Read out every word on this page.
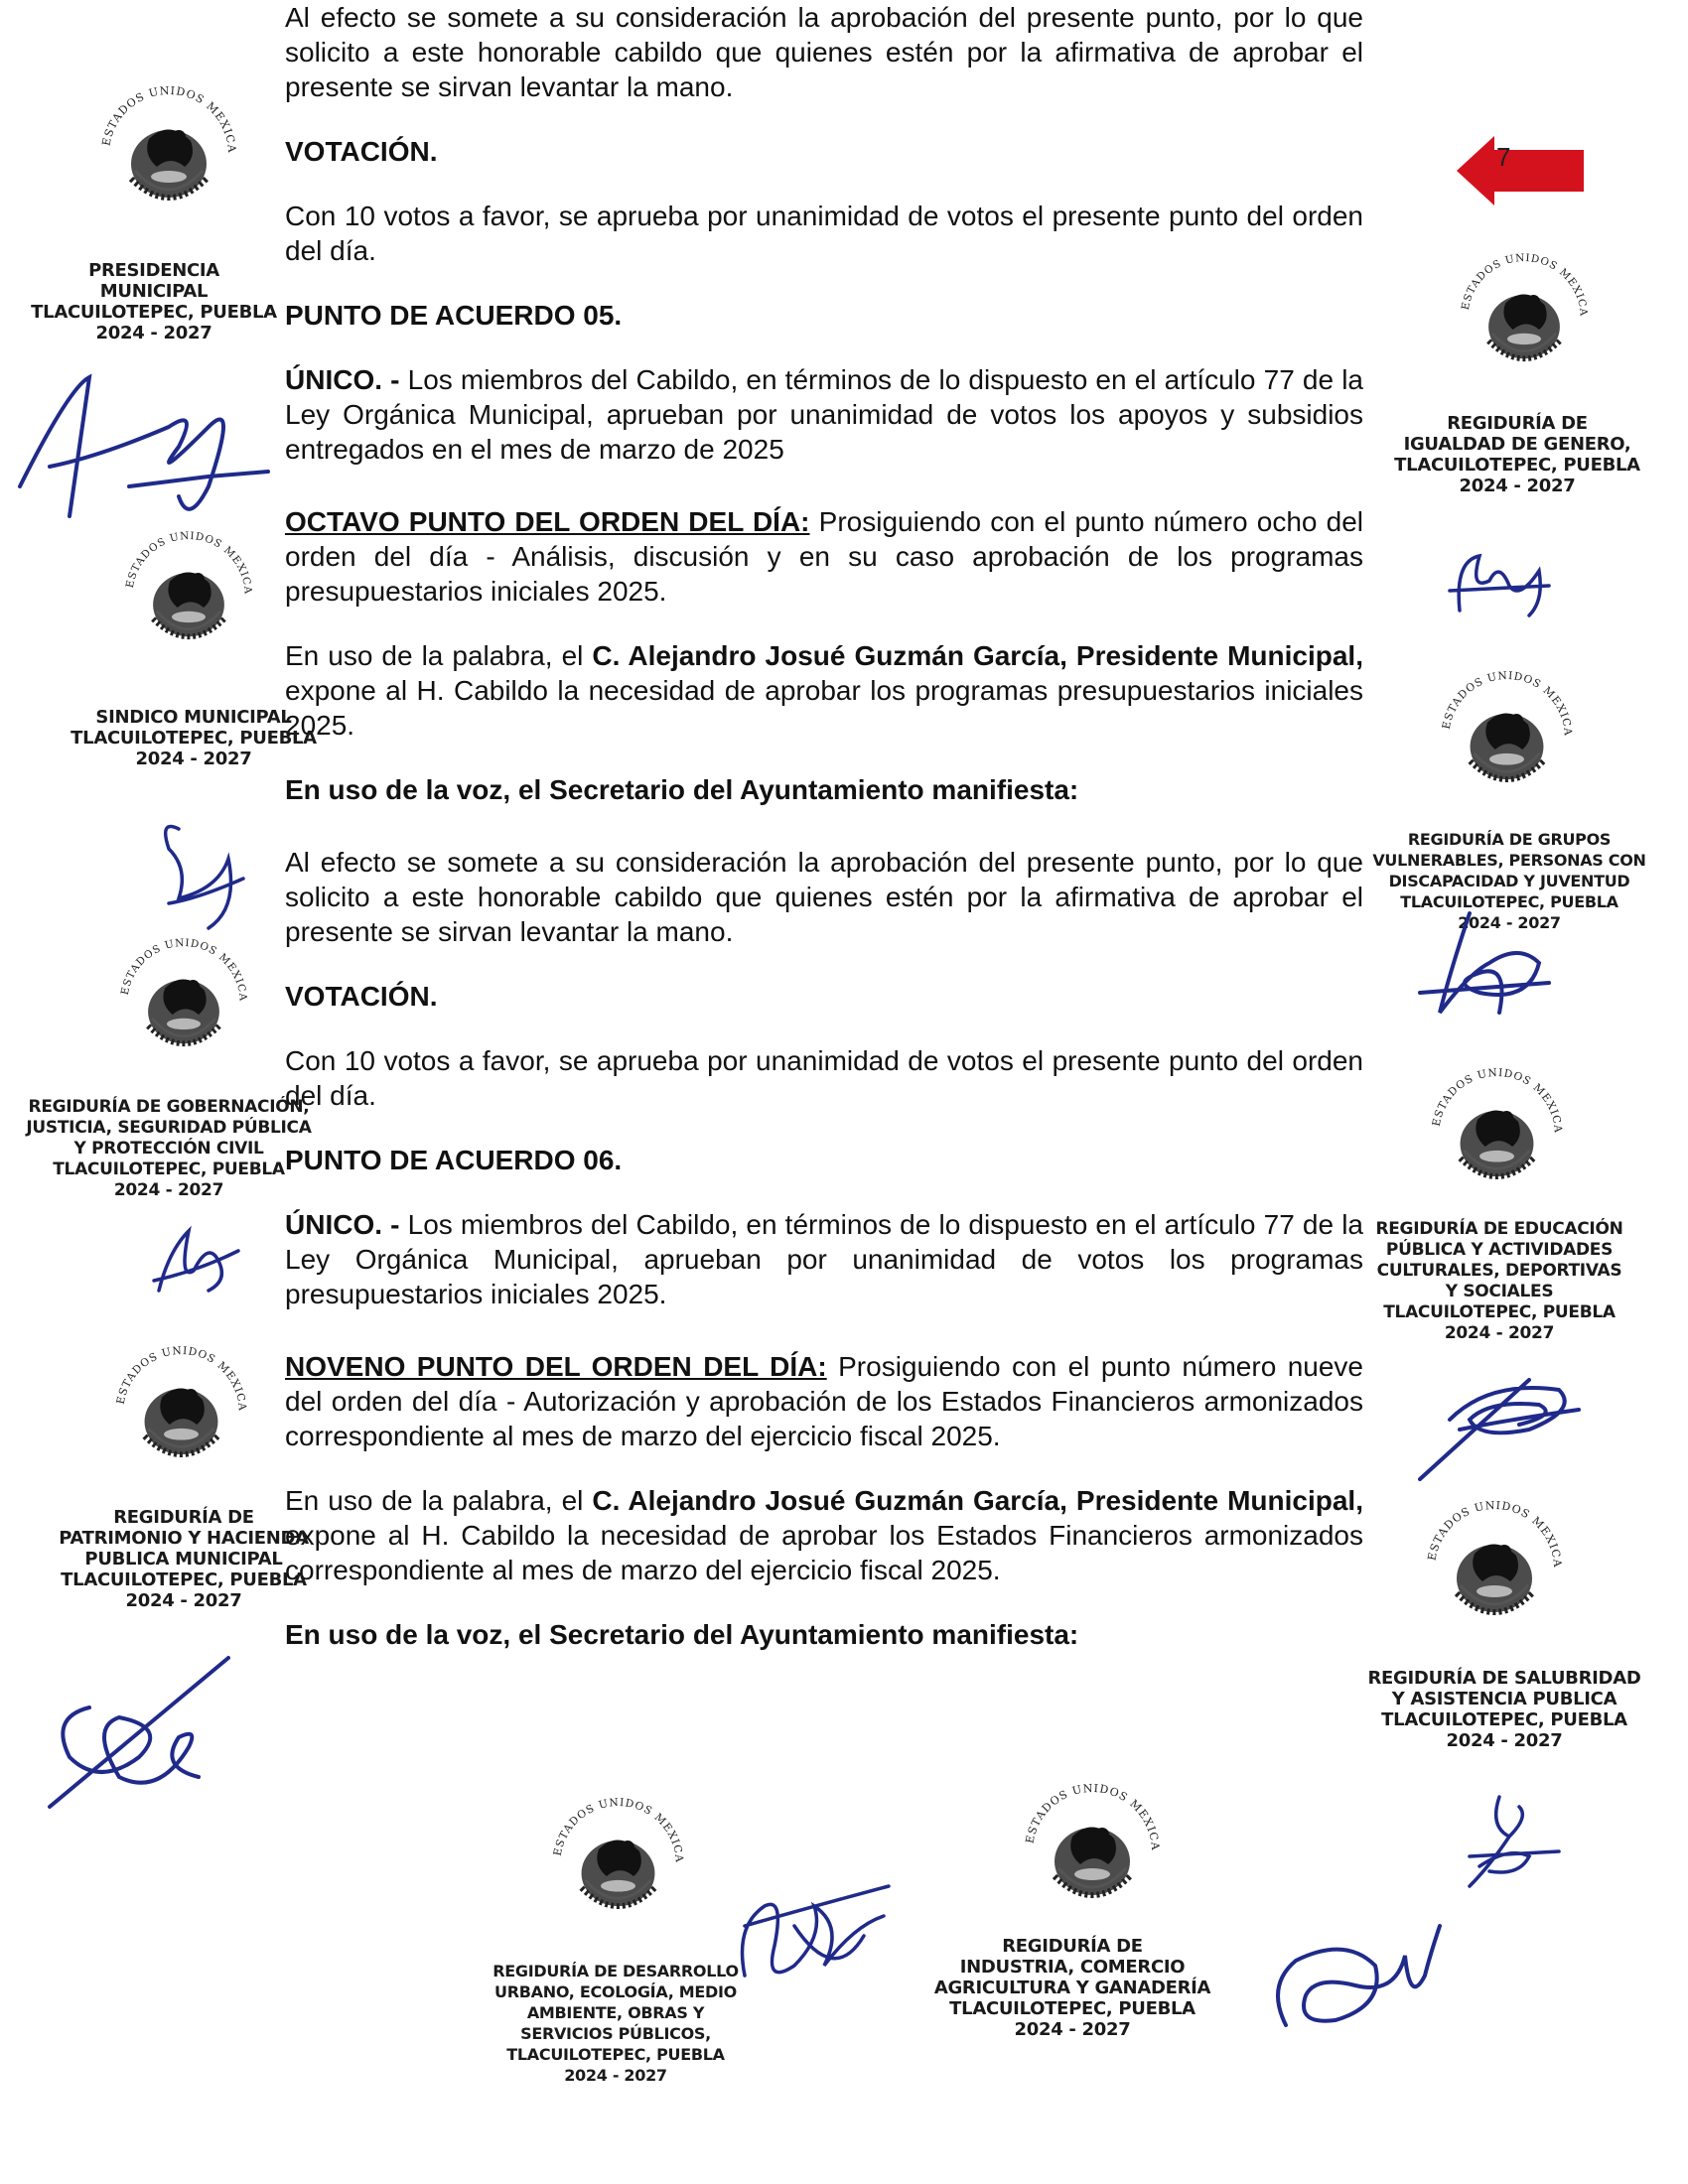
7

Al efecto se somete a su consideración la aprobación del presente punto, por lo que solicito a este honorable cabildo que quienes estén por la afirmativa de aprobar el presente se sirvan levantar la mano.

VOTACIÓN.

Con 10 votos a favor, se aprueba por unanimidad de votos el presente punto del orden del día.

PUNTO DE ACUERDO 05.

ÚNICO. - Los miembros del Cabildo, en términos de lo dispuesto en el artículo 77 de la Ley Orgánica Municipal, aprueban por unanimidad de votos los apoyos y subsidios entregados en el mes de marzo de 2025

OCTAVO PUNTO DEL ORDEN DEL DÍA: Prosiguiendo con el punto número ocho del orden del día - Análisis, discusión y en su caso aprobación de los programas presupuestarios iniciales 2025.

En uso de la palabra, el C. Alejandro Josué Guzmán García, Presidente Municipal, expone al H. Cabildo la necesidad de aprobar los programas presupuestarios iniciales 2025.

En uso de la voz, el Secretario del Ayuntamiento manifiesta:

Al efecto se somete a su consideración la aprobación del presente punto, por lo que solicito a este honorable cabildo que quienes estén por la afirmativa de aprobar el presente se sirvan levantar la mano.

VOTACIÓN.

Con 10 votos a favor, se aprueba por unanimidad de votos el presente punto del orden del día.

PUNTO DE ACUERDO 06.

ÚNICO. - Los miembros del Cabildo, en términos de lo dispuesto en el artículo 77 de la Ley Orgánica Municipal, aprueban por unanimidad de votos los programas presupuestarios iniciales 2025.

NOVENO PUNTO DEL ORDEN DEL DÍA: Prosiguiendo con el punto número nueve del orden del día - Autorización y aprobación de los Estados Financieros armonizados correspondiente al mes de marzo del ejercicio fiscal 2025.

En uso de la palabra, el C. Alejandro Josué Guzmán García, Presidente Municipal, expone al H. Cabildo la necesidad de aprobar los Estados Financieros armonizados correspondiente al mes de marzo del ejercicio fiscal 2025.

En uso de la voz, el Secretario del Ayuntamiento manifiesta:

PRESIDENCIA
MUNICIPAL
TLACUILOTEPEC, PUEBLA
2024 - 2027
SINDICO MUNICIPAL
TLACUILOTEPEC, PUEBLA
2024 - 2027
REGIDURÍA DE GOBERNACIÓN,
JUSTICIA, SEGURIDAD PÚBLICA
Y PROTECCIÓN CIVIL
TLACUILOTEPEC, PUEBLA
2024 - 2027
REGIDURÍA DE
PATRIMONIO Y HACIENDA
PUBLICA MUNICIPAL
TLACUILOTEPEC, PUEBLA
2024 - 2027
REGIDURÍA DE
IGUALDAD DE GENERO,
TLACUILOTEPEC, PUEBLA
2024 - 2027
REGIDURÍA DE GRUPOS
VULNERABLES, PERSONAS CON
DISCAPACIDAD Y JUVENTUD
TLACUILOTEPEC, PUEBLA
2024 - 2027
REGIDURÍA DE EDUCACIÓN
PÚBLICA Y ACTIVIDADES
CULTURALES, DEPORTIVAS
Y SOCIALES
TLACUILOTEPEC, PUEBLA
2024 - 2027
REGIDURÍA DE SALUBRIDAD
Y ASISTENCIA PUBLICA
TLACUILOTEPEC, PUEBLA
2024 - 2027
REGIDURÍA DE DESARROLLO
URBANO, ECOLOGÍA, MEDIO
AMBIENTE, OBRAS Y
SERVICIOS PÚBLICOS,
TLACUILOTEPEC, PUEBLA
2024 - 2027
REGIDURÍA DE
INDUSTRIA, COMERCIO
AGRICULTURA Y GANADERÍA
TLACUILOTEPEC, PUEBLA
2024 - 2027
